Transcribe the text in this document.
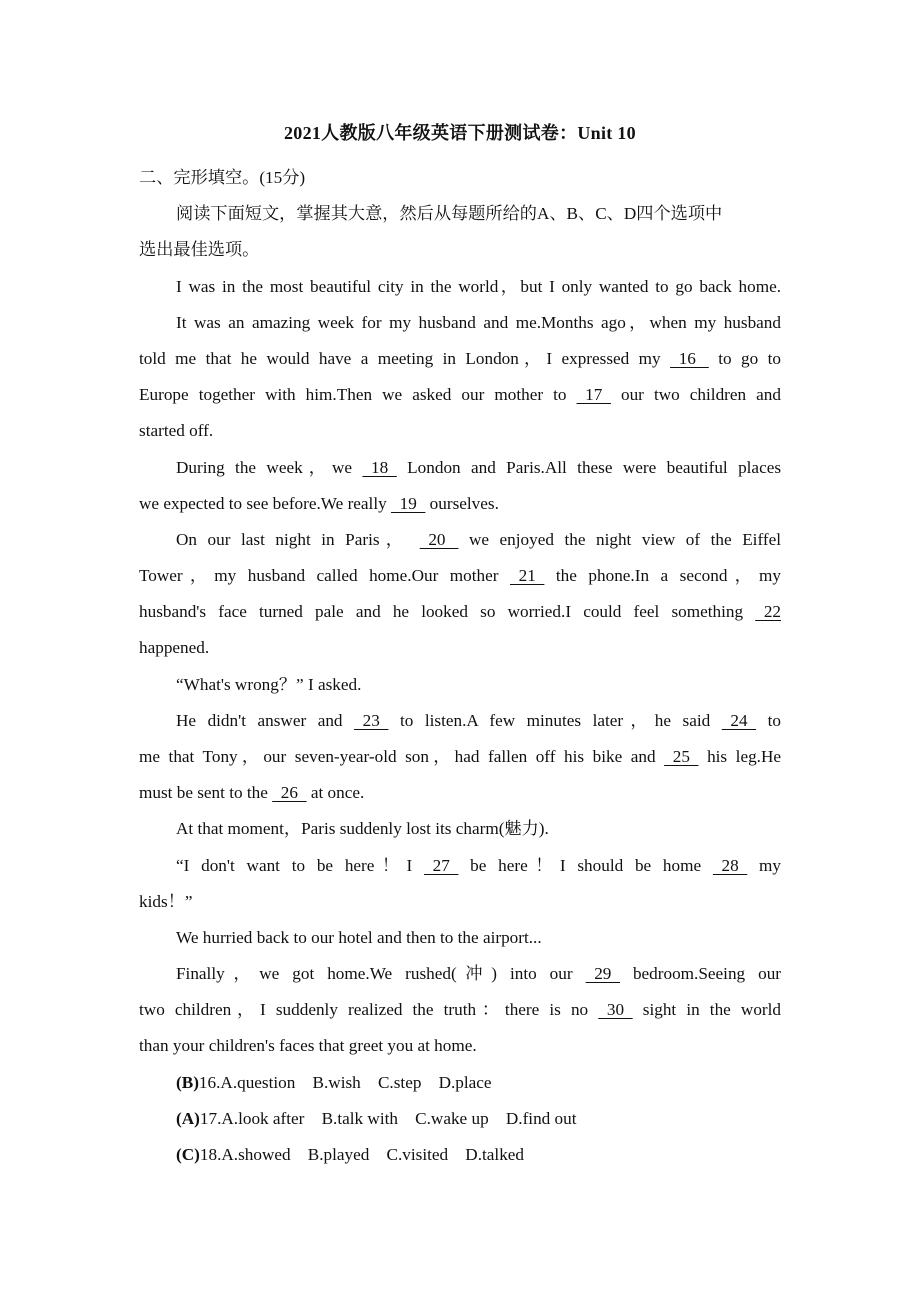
2021人教版八年级英语下册测试卷：Unit 10
二、完形填空。(15分)
阅读下面短文，掌握其大意，然后从每题所给的A、B、C、D四个选项中
选出最佳选项。
I was in the most beautiful city in the world，but I only wanted to go back home.
It was an amazing week for my husband and me.Months ago，when my husband
told me that he would have a meeting in London，I expressed my   16    to go to
Europe together with him.Then we asked our mother to   17   our two children and
started off.
During the week，we   18   London and Paris.All these were beautiful places
we expected to see before.We really   19   ourselves.
On our last night in Paris，   20    we enjoyed the night view of the Eiffel
Tower，my husband called home.Our mother   21   the phone.In a second，my
husband's face turned pale and he looked so worried.I could feel something   22
happened.
“What's wrong？” I asked.
He didn't answer and   23   to listen.A few minutes later，he said   24   to
me that Tony，our seven-year-old son，had fallen off his bike and   25   his leg.He
must be sent to the   26   at once.
At that moment，Paris suddenly lost its charm(魅力).
“I don't want to be here！I   27   be here！I should be home   28   my
kids！”
We hurried back to our hotel and then to the airport...
Finally，we got home.We rushed(冲) into our   29   bedroom.Seeing our
two children，I suddenly realized the truth：there is no   30   sight in the world
than your children's faces that greet you at home.
(B)16.A.question    B.wish    C.step    D.place
(A)17.A.look after    B.talk with    C.wake up    D.find out
(C)18.A.showed    B.played    C.visited    D.talked
